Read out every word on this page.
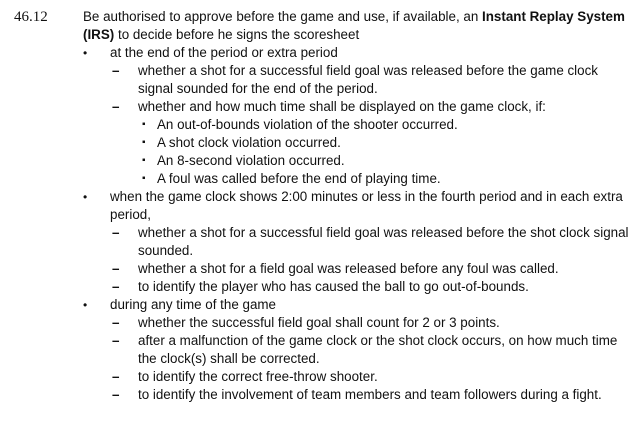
46.12	Be authorised to approve before the game and use, if available, an Instant Replay System (IRS) to decide before he signs the scoresheet

• at the end of the period or extra period
– whether a shot for a successful field goal was released before the game clock signal sounded for the end of the period.
– whether and how much time shall be displayed on the game clock, if:
▪ An out-of-bounds violation of the shooter occurred.
▪ A shot clock violation occurred.
▪ An 8-second violation occurred.
▪ A foul was called before the end of playing time.
• when the game clock shows 2:00 minutes or less in the fourth period and in each extra period,
– whether a shot for a successful field goal was released before the shot clock signal sounded.
– whether a shot for a field goal was released before any foul was called.
– to identify the player who has caused the ball to go out-of-bounds.
• during any time of the game
– whether the successful field goal shall count for 2 or 3 points.
– after a malfunction of the game clock or the shot clock occurs, on how much time the clock(s) shall be corrected.
– to identify the correct free-throw shooter.
– to identify the involvement of team members and team followers during a fight.
